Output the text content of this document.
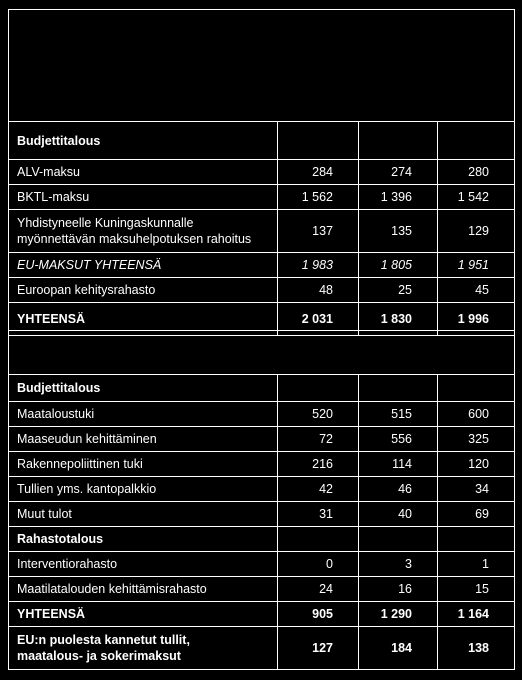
Budjettitalous			
ALV-maksu	284	274	280
BKTL-maksu	1 562	1 396	1 542
Yhdistyneelle Kuningaskunnalle
myönnettävän maksuhelpotuksen rahoitus	137	135	129
EU-MAKSUT YHTEENSÄ	1 983	1 805	1 951
Euroopan kehitysrahasto	48	25	45
YHTEENSÄ	2 031	1 830	1 996

Budjettitalous			
Maataloustuki	520	515	600
Maaseudun kehittäminen	72	556	325
Rakennepoliittinen tuki	216	114	120
Tullien yms. kantopalkkio	42	46	34
Muut tulot	31	40	69
Rahastotalous			
Interventiorahasto	0	3	1
Maatilatalouden kehittämisrahasto	24	16	15
YHTEENSÄ	905	1 290	1 164
EU:n puolesta kannetut tullit,
maatalous- ja sokerimaksut	127	184	138
